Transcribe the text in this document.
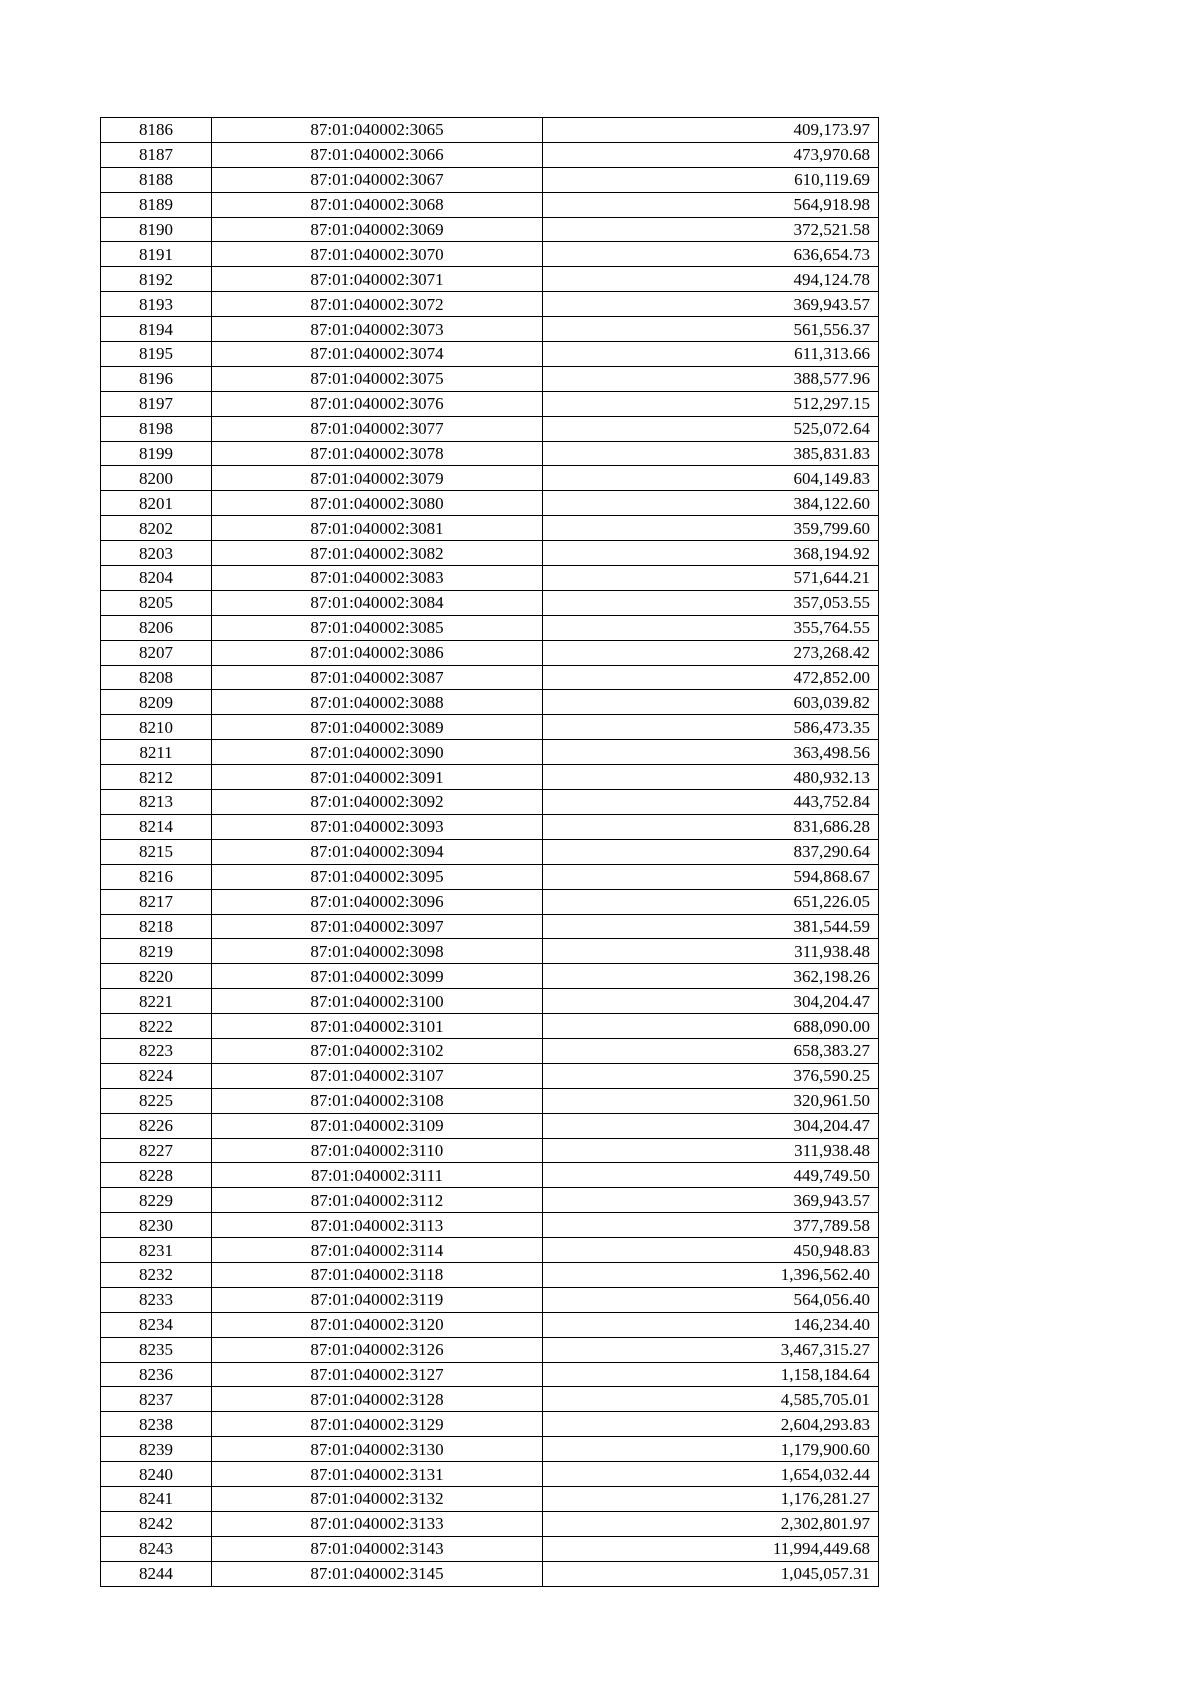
8186	87:01:040002:3065	409,173.97
8187	87:01:040002:3066	473,970.68
8188	87:01:040002:3067	610,119.69
8189	87:01:040002:3068	564,918.98
8190	87:01:040002:3069	372,521.58
8191	87:01:040002:3070	636,654.73
8192	87:01:040002:3071	494,124.78
8193	87:01:040002:3072	369,943.57
8194	87:01:040002:3073	561,556.37
8195	87:01:040002:3074	611,313.66
8196	87:01:040002:3075	388,577.96
8197	87:01:040002:3076	512,297.15
8198	87:01:040002:3077	525,072.64
8199	87:01:040002:3078	385,831.83
8200	87:01:040002:3079	604,149.83
8201	87:01:040002:3080	384,122.60
8202	87:01:040002:3081	359,799.60
8203	87:01:040002:3082	368,194.92
8204	87:01:040002:3083	571,644.21
8205	87:01:040002:3084	357,053.55
8206	87:01:040002:3085	355,764.55
8207	87:01:040002:3086	273,268.42
8208	87:01:040002:3087	472,852.00
8209	87:01:040002:3088	603,039.82
8210	87:01:040002:3089	586,473.35
8211	87:01:040002:3090	363,498.56
8212	87:01:040002:3091	480,932.13
8213	87:01:040002:3092	443,752.84
8214	87:01:040002:3093	831,686.28
8215	87:01:040002:3094	837,290.64
8216	87:01:040002:3095	594,868.67
8217	87:01:040002:3096	651,226.05
8218	87:01:040002:3097	381,544.59
8219	87:01:040002:3098	311,938.48
8220	87:01:040002:3099	362,198.26
8221	87:01:040002:3100	304,204.47
8222	87:01:040002:3101	688,090.00
8223	87:01:040002:3102	658,383.27
8224	87:01:040002:3107	376,590.25
8225	87:01:040002:3108	320,961.50
8226	87:01:040002:3109	304,204.47
8227	87:01:040002:3110	311,938.48
8228	87:01:040002:3111	449,749.50
8229	87:01:040002:3112	369,943.57
8230	87:01:040002:3113	377,789.58
8231	87:01:040002:3114	450,948.83
8232	87:01:040002:3118	1,396,562.40
8233	87:01:040002:3119	564,056.40
8234	87:01:040002:3120	146,234.40
8235	87:01:040002:3126	3,467,315.27
8236	87:01:040002:3127	1,158,184.64
8237	87:01:040002:3128	4,585,705.01
8238	87:01:040002:3129	2,604,293.83
8239	87:01:040002:3130	1,179,900.60
8240	87:01:040002:3131	1,654,032.44
8241	87:01:040002:3132	1,176,281.27
8242	87:01:040002:3133	2,302,801.97
8243	87:01:040002:3143	11,994,449.68
8244	87:01:040002:3145	1,045,057.31
